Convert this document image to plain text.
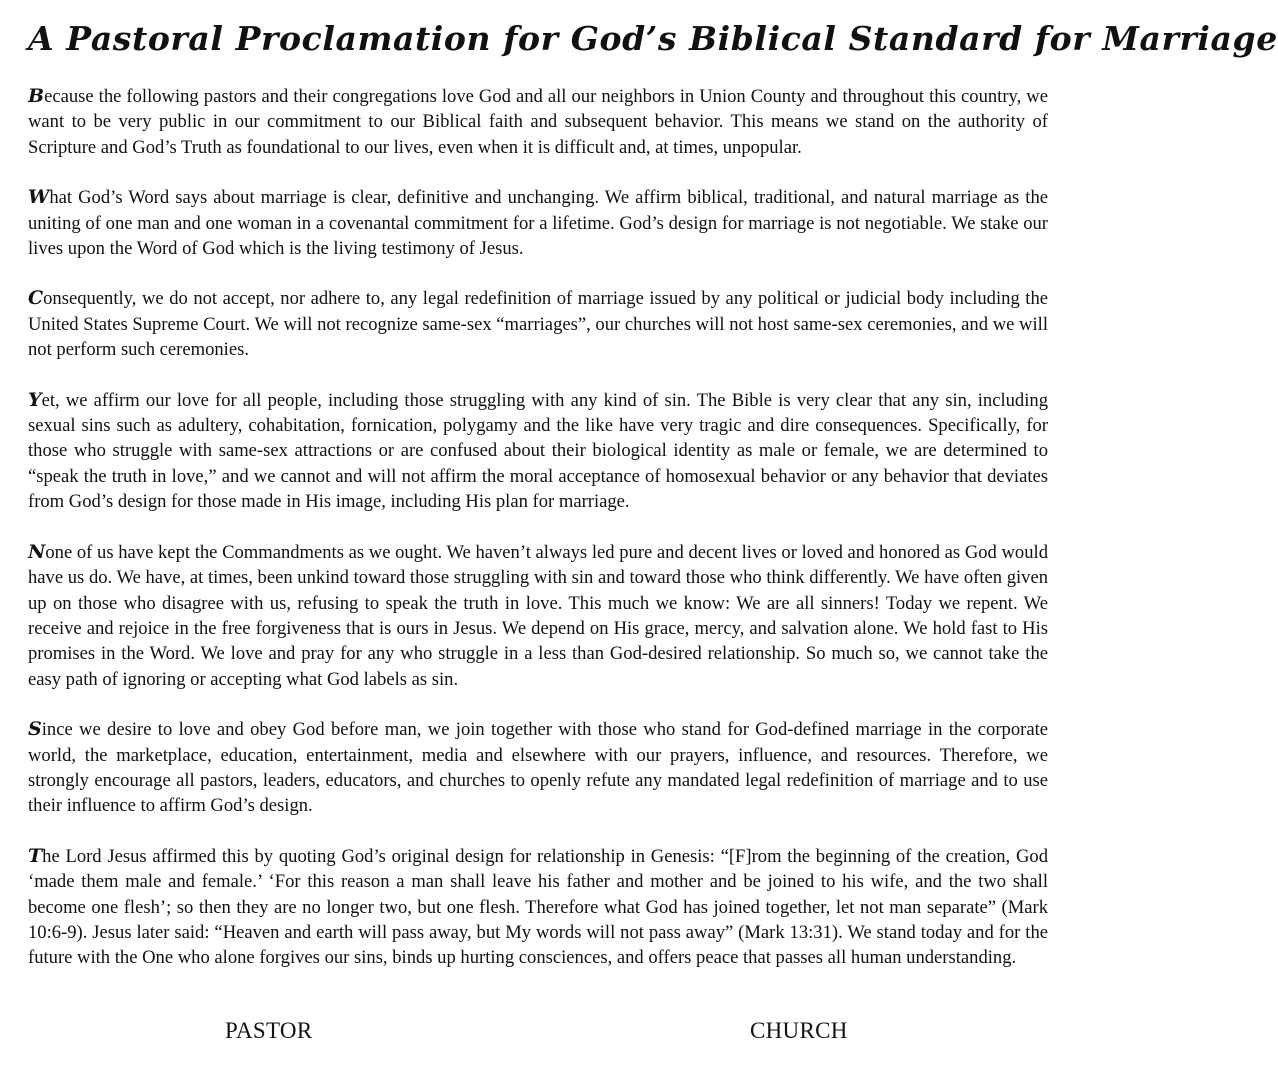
A Pastoral Proclamation for God’s Biblical Standard for Marriage

Because the following pastors and their congregations love God and all our neighbors in Union County and throughout this country, we want to be very public in our commitment to our Biblical faith and subsequent behavior. This means we stand on the authority of Scripture and God’s Truth as foundational to our lives, even when it is difficult and, at times, unpopular.

What God’s Word says about marriage is clear, definitive and unchanging. We affirm biblical, traditional, and natural marriage as the uniting of one man and one woman in a covenantal commitment for a lifetime. God’s design for marriage is not negotiable. We stake our lives upon the Word of God which is the living testimony of Jesus.

Consequently, we do not accept, nor adhere to, any legal redefinition of marriage issued by any political or judicial body including the United States Supreme Court. We will not recognize same-sex “marriages”, our churches will not host same-sex ceremonies, and we will not perform such ceremonies.

Yet, we affirm our love for all people, including those struggling with any kind of sin. The Bible is very clear that any sin, including sexual sins such as adultery, cohabitation, fornication, polygamy and the like have very tragic and dire consequences. Specifically, for those who struggle with same-sex attractions or are confused about their biological identity as male or female, we are determined to “speak the truth in love,” and we cannot and will not affirm the moral acceptance of homosexual behavior or any behavior that deviates from God’s design for those made in His image, including His plan for marriage.

None of us have kept the Commandments as we ought. We haven’t always led pure and decent lives or loved and honored as God would have us do. We have, at times, been unkind toward those struggling with sin and toward those who think differently. We have often given up on those who disagree with us, refusing to speak the truth in love. This much we know: We are all sinners! Today we repent. We receive and rejoice in the free forgiveness that is ours in Jesus. We depend on His grace, mercy, and salvation alone. We hold fast to His promises in the Word. We love and pray for any who struggle in a less than God-desired relationship. So much so, we cannot take the easy path of ignoring or accepting what God labels as sin.

Since we desire to love and obey God before man, we join together with those who stand for God-defined marriage in the corporate world, the marketplace, education, entertainment, media and elsewhere with our prayers, influence, and resources. Therefore, we strongly encourage all pastors, leaders, educators, and churches to openly refute any mandated legal redefinition of marriage and to use their influence to affirm God’s design.

The Lord Jesus affirmed this by quoting God’s original design for relationship in Genesis: “[F]rom the beginning of the creation, God ‘made them male and female.’ ‘For this reason a man shall leave his father and mother and be joined to his wife, and the two shall become one flesh’; so then they are no longer two, but one flesh. Therefore what God has joined together, let not man separate” (Mark 10:6-9). Jesus later said: “Heaven and earth will pass away, but My words will not pass away” (Mark 13:31). We stand today and for the future with the One who alone forgives our sins, binds up hurting consciences, and offers peace that passes all human understanding.

PASTOR	CHURCH
